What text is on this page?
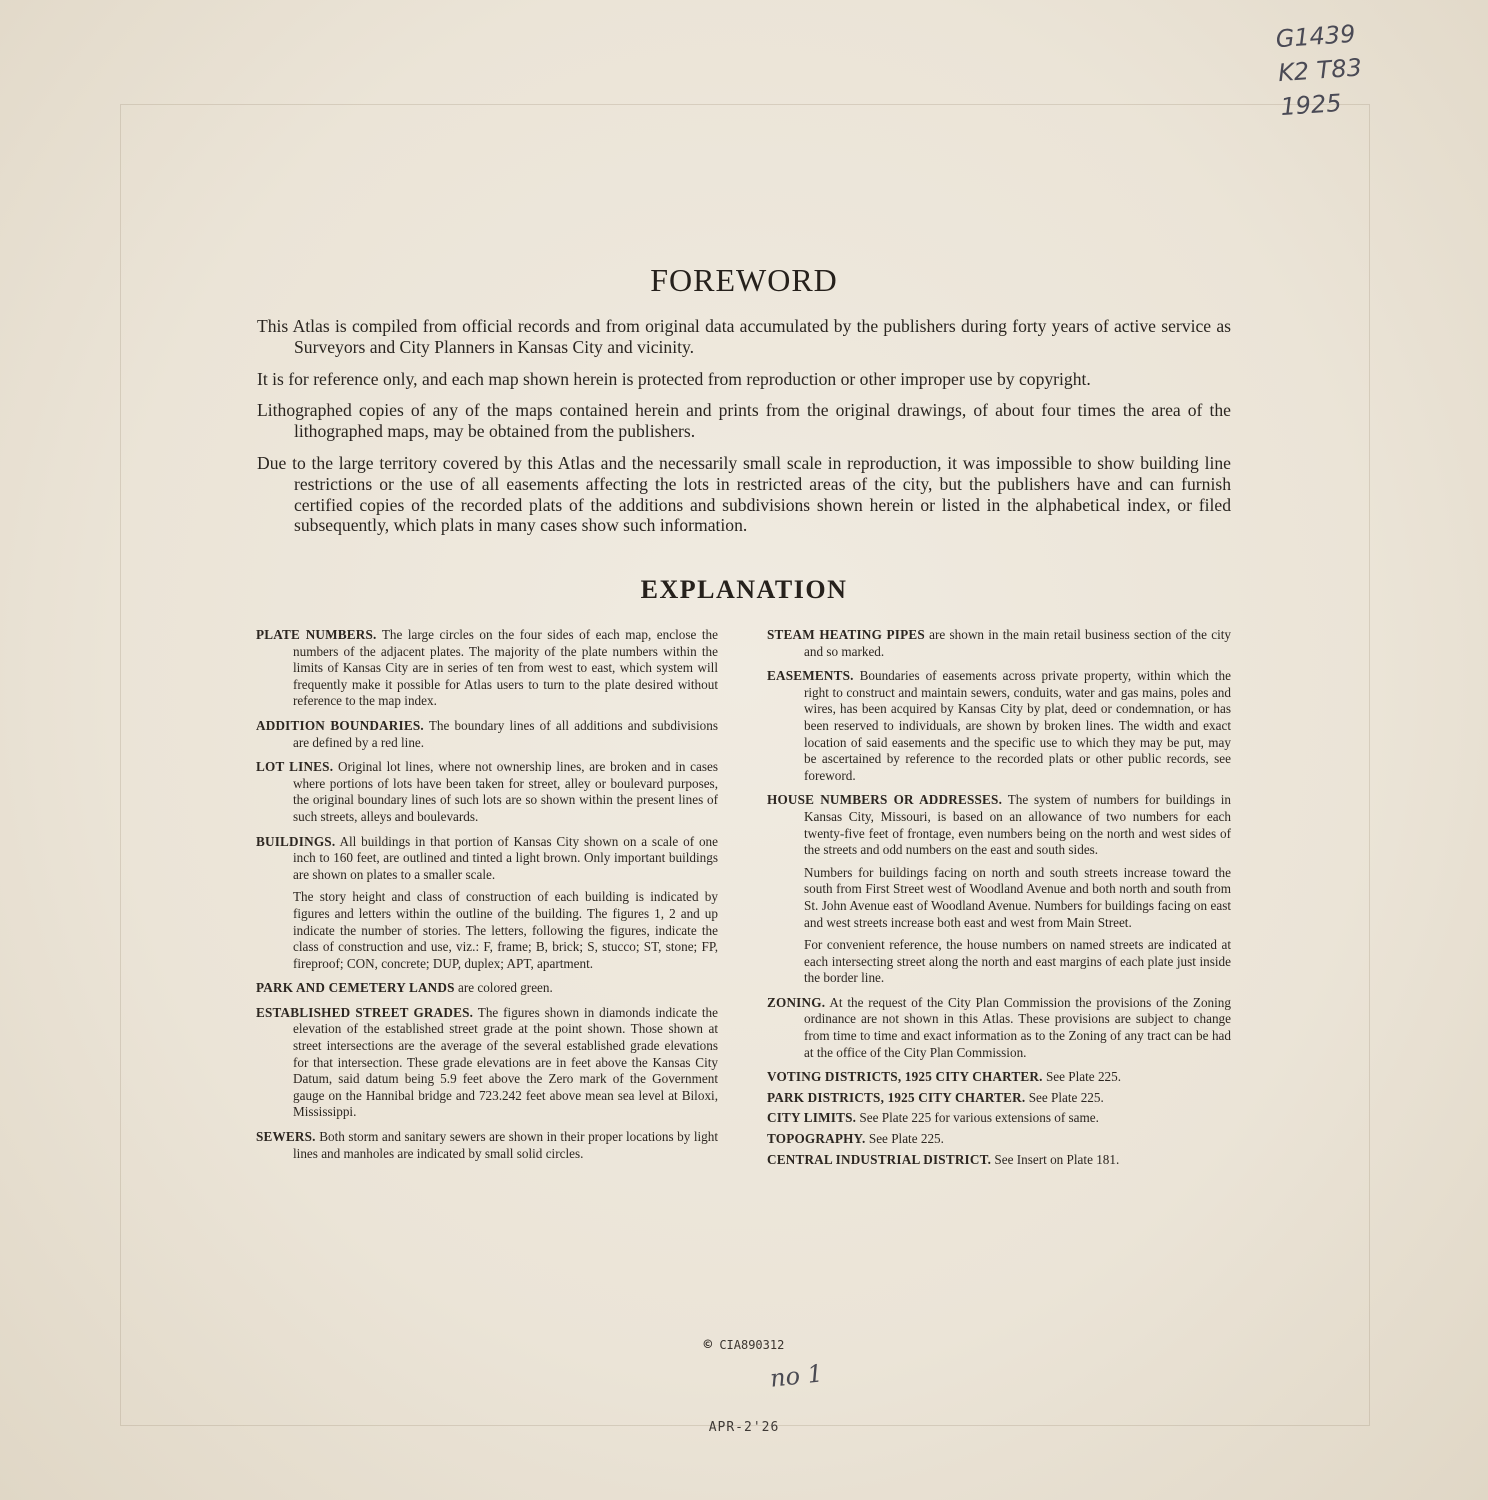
G1439
K2 T83
1925
FOREWORD

This Atlas is compiled from official records and from original data accumulated by the publishers during forty years of active service as Surveyors and City Planners in Kansas City and vicinity.

It is for reference only, and each map shown herein is protected from reproduction or other improper use by copyright.

Lithographed copies of any of the maps contained herein and prints from the original drawings, of about four times the area of the lithographed maps, may be obtained from the publishers.

Due to the large territory covered by this Atlas and the necessarily small scale in reproduction, it was impossible to show building line restrictions or the use of all easements affecting the lots in restricted areas of the city, but the publishers have and can furnish certified copies of the recorded plats of the additions and subdivisions shown herein or listed in the alphabetical index, or filed subsequently, which plats in many cases show such information.

EXPLANATION

PLATE NUMBERS. The large circles on the four sides of each map, enclose the numbers of the adjacent plates. The majority of the plate numbers within the limits of Kansas City are in series of ten from west to east, which system will frequently make it possible for Atlas users to turn to the plate desired without reference to the map index.

ADDITION BOUNDARIES. The boundary lines of all additions and subdivisions are defined by a red line.

LOT LINES. Original lot lines, where not ownership lines, are broken and in cases where portions of lots have been taken for street, alley or boulevard purposes, the original boundary lines of such lots are so shown within the present lines of such streets, alleys and boulevards.

BUILDINGS. All buildings in that portion of Kansas City shown on a scale of one inch to 160 feet, are outlined and tinted a light brown. Only important buildings are shown on plates to a smaller scale.

The story height and class of construction of each building is indicated by figures and letters within the outline of the building. The figures 1, 2 and up indicate the number of stories. The letters, following the figures, indicate the class of construction and use, viz.: F, frame; B, brick; S, stucco; ST, stone; FP, fireproof; CON, concrete; DUP, duplex; APT, apartment.

PARK AND CEMETERY LANDS are colored green.

ESTABLISHED STREET GRADES. The figures shown in diamonds indicate the elevation of the established street grade at the point shown. Those shown at street intersections are the average of the several established grade elevations for that intersection. These grade elevations are in feet above the Kansas City Datum, said datum being 5.9 feet above the Zero mark of the Government gauge on the Hannibal bridge and 723.242 feet above mean sea level at Biloxi, Mississippi.

SEWERS. Both storm and sanitary sewers are shown in their proper locations by light lines and manholes are indicated by small solid circles.

STEAM HEATING PIPES are shown in the main retail business section of the city and so marked.

EASEMENTS. Boundaries of easements across private property, within which the right to construct and maintain sewers, conduits, water and gas mains, poles and wires, has been acquired by Kansas City by plat, deed or condemnation, or has been reserved to individuals, are shown by broken lines. The width and exact location of said easements and the specific use to which they may be put, may be ascertained by reference to the recorded plats or other public records, see foreword.

HOUSE NUMBERS OR ADDRESSES. The system of numbers for buildings in Kansas City, Missouri, is based on an allowance of two numbers for each twenty-five feet of frontage, even numbers being on the north and west sides of the streets and odd numbers on the east and south sides.

Numbers for buildings facing on north and south streets increase toward the south from First Street west of Woodland Avenue and both north and south from St. John Avenue east of Woodland Avenue. Numbers for buildings facing on east and west streets increase both east and west from Main Street.

For convenient reference, the house numbers on named streets are indicated at each intersecting street along the north and east margins of each plate just inside the border line.

ZONING. At the request of the City Plan Commission the provisions of the Zoning ordinance are not shown in this Atlas. These provisions are subject to change from time to time and exact information as to the Zoning of any tract can be had at the office of the City Plan Commission.

VOTING DISTRICTS, 1925 CITY CHARTER. See Plate 225.

PARK DISTRICTS, 1925 CITY CHARTER. See Plate 225.

CITY LIMITS. See Plate 225 for various extensions of same.

TOPOGRAPHY. See Plate 225.

CENTRAL INDUSTRIAL DISTRICT. See Insert on Plate 181.

© CIA890312
no 1
APR-2'26
